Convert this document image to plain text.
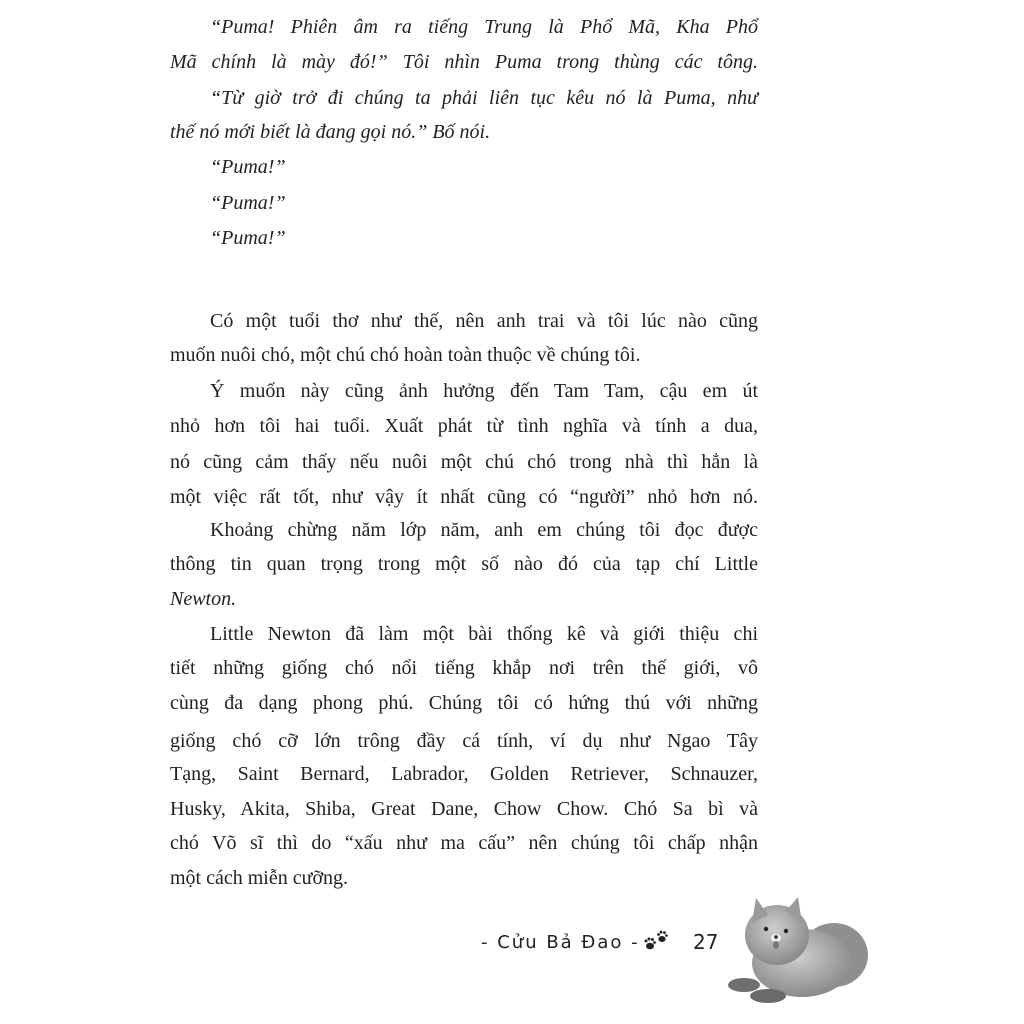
“Puma! Phiên âm ra tiếng Trung là Phổ Mã, Kha Phổ
Mã chính là mày đó!” Tôi nhìn Puma trong thùng các tông.
“Từ giờ trở đi chúng ta phải liên tục kêu nó là Puma, như
thế nó mới biết là đang gọi nó.” Bố nói.
“Puma!”
“Puma!”
“Puma!”
Có một tuổi thơ như thế, nên anh trai và tôi lúc nào cũng
muốn nuôi chó, một chú chó hoàn toàn thuộc về chúng tôi.
Ý muốn này cũng ảnh hưởng đến Tam Tam, cậu em út
nhỏ hơn tôi hai tuổi. Xuất phát từ tình nghĩa và tính a dua,
nó cũng cảm thấy nếu nuôi một chú chó trong nhà thì hẳn là
một việc rất tốt, như vậy ít nhất cũng có “người” nhỏ hơn nó.
Khoảng chừng năm lớp năm, anh em chúng tôi đọc được
thông tin quan trọng trong một số nào đó của tạp chí Little
Newton.
Little Newton đã làm một bài thống kê và giới thiệu chi
tiết những giống chó nổi tiếng khắp nơi trên thế giới, vô
cùng đa dạng phong phú. Chúng tôi có hứng thú với những
giống chó cỡ lớn trông đầy cá tính, ví dụ như Ngao Tây
Tạng, Saint Bernard, Labrador, Golden Retriever, Schnauzer,
Husky, Akita, Shiba, Great Dane, Chow Chow. Chó Sa bì và
chó Võ sĩ thì do “xấu như ma cấu” nên chúng tôi chấp nhận
một cách miễn cưỡng.
- Cửu Bả Đao -	27
